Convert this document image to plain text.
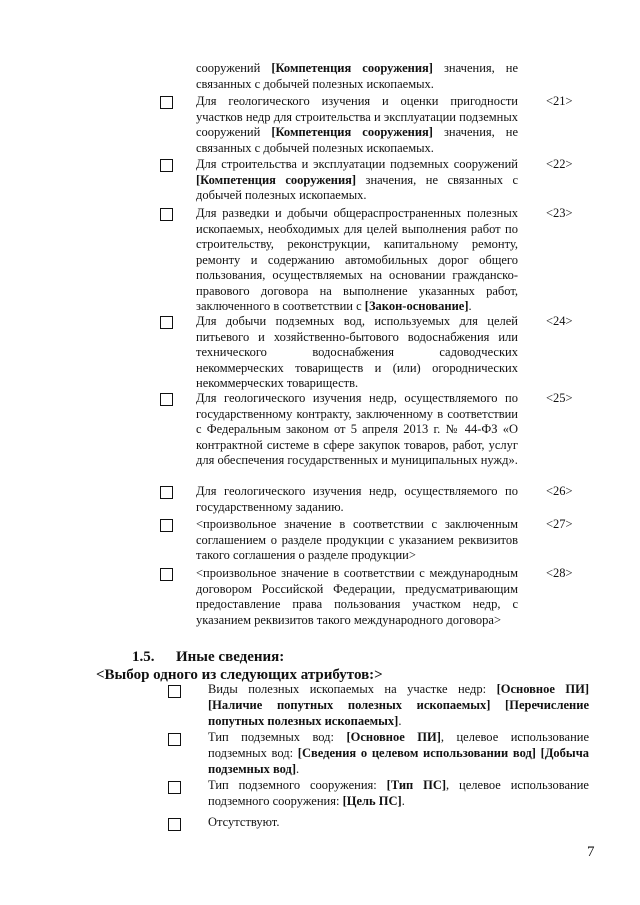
сооружений [Компетенция сооружения] значения, не связанных с добычей полезных ископаемых.
Для геологического изучения и оценки пригодности участков недр для строительства и эксплуатации подземных сооружений [Компетенция сооружения] значения, не связанных с добычей полезных ископаемых.
<21>
Для строительства и эксплуатации подземных сооружений [Компетенция сооружения] значения, не связанных с добычей полезных ископаемых.
<22>
Для разведки и добычи общераспространенных полезных ископаемых, необходимых для целей выполнения работ по строительству, реконструкции, капитальному ремонту, ремонту и содержанию автомобильных дорог общего пользования, осуществляемых на основании гражданско-правового договора на выполнение указанных работ, заключенного в соответствии с [Закон-основание].
<23>
Для добычи подземных вод, используемых для целей питьевого и хозяйственно-бытового водоснабжения или технического водоснабжения садоводческих некоммерческих товариществ и (или) огороднических некоммерческих товариществ.
<24>
Для геологического изучения недр, осуществляемого по государственному контракту, заключенному в соответствии с Федеральным законом от 5 апреля 2013 г. № 44-ФЗ «О контрактной системе в сфере закупок товаров, работ, услуг для обеспечения государственных и муниципальных нужд».
<25>
Для геологического изучения недр, осуществляемого по государственному заданию.
<26>
<произвольное значение в соответствии с заключенным соглашением о разделе продукции с указанием реквизитов такого соглашения о разделе продукции>
<27>
<произвольное значение в соответствии с международным договором Российской Федерации, предусматривающим предоставление права пользования участком недр, с указанием реквизитов такого международного договора>
<28>
1.5. Иные сведения:
<Выбор одного из следующих атрибутов:>
Виды полезных ископаемых на участке недр: [Основное ПИ] [Наличие попутных полезных ископаемых] [Перечисление попутных полезных ископаемых].
Тип подземных вод: [Основное ПИ], целевое использование подземных вод: [Сведения о целевом использовании вод] [Добыча подземных вод].
Тип подземного сооружения: [Тип ПС], целевое использование подземного сооружения: [Цель ПС].
Отсутствуют.
7
